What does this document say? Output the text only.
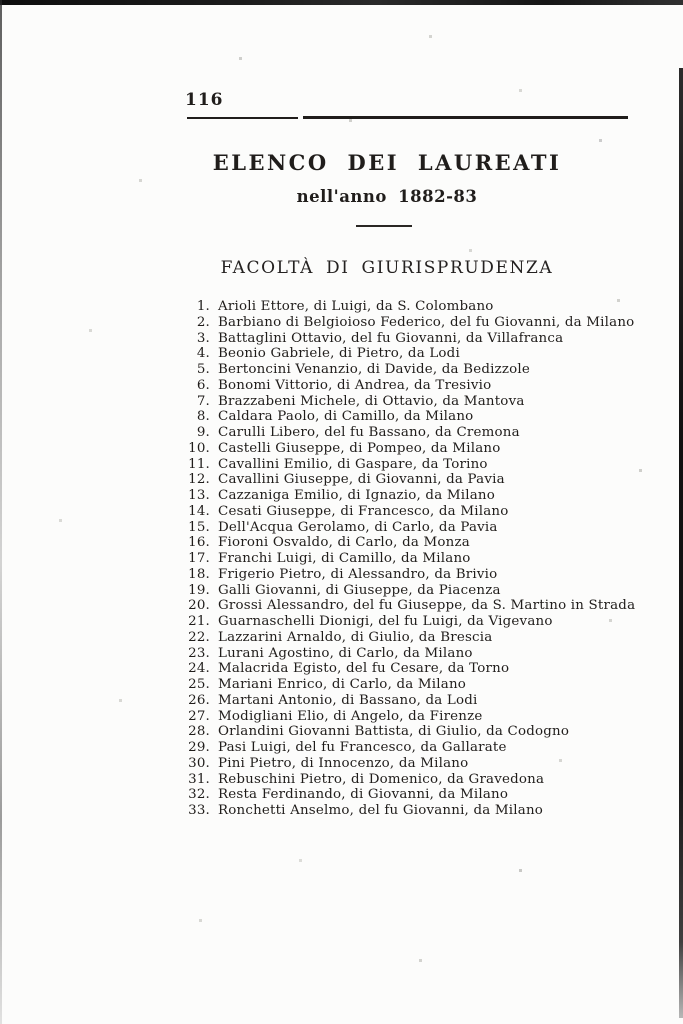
116
ELENCO DEI LAUREATI
nell'anno 1882-83
FACOLTÀ DI GIURISPRUDENZA
1. Arioli Ettore, di Luigi, da S. Colombano
2. Barbiano di Belgioioso Federico, del fu Giovanni, da Milano
3. Battaglini Ottavio, del fu Giovanni, da Villafranca
4. Beonio Gabriele, di Pietro, da Lodi
5. Bertoncini Venanzio, di Davide, da Bedizzole
6. Bonomi Vittorio, di Andrea, da Tresivio
7. Brazzabeni Michele, di Ottavio, da Mantova
8. Caldara Paolo, di Camillo, da Milano
9. Carulli Libero, del fu Bassano, da Cremona
10. Castelli Giuseppe, di Pompeo, da Milano
11. Cavallini Emilio, di Gaspare, da Torino
12. Cavallini Giuseppe, di Giovanni, da Pavia
13. Cazzaniga Emilio, di Ignazio, da Milano
14. Cesati Giuseppe, di Francesco, da Milano
15. Dell'Acqua Gerolamo, di Carlo, da Pavia
16. Fioroni Osvaldo, di Carlo, da Monza
17. Franchi Luigi, di Camillo, da Milano
18. Frigerio Pietro, di Alessandro, da Brivio
19. Galli Giovanni, di Giuseppe, da Piacenza
20. Grossi Alessandro, del fu Giuseppe, da S. Martino in Strada
21. Guarnaschelli Dionigi, del fu Luigi, da Vigevano
22. Lazzarini Arnaldo, di Giulio, da Brescia
23. Lurani Agostino, di Carlo, da Milano
24. Malacrida Egisto, del fu Cesare, da Torno
25. Mariani Enrico, di Carlo, da Milano
26. Martani Antonio, di Bassano, da Lodi
27. Modigliani Elio, di Angelo, da Firenze
28. Orlandini Giovanni Battista, di Giulio, da Codogno
29. Pasi Luigi, del fu Francesco, da Gallarate
30. Pini Pietro, di Innocenzo, da Milano
31. Rebuschini Pietro, di Domenico, da Gravedona
32. Resta Ferdinando, di Giovanni, da Milano
33. Ronchetti Anselmo, del fu Giovanni, da Milano
